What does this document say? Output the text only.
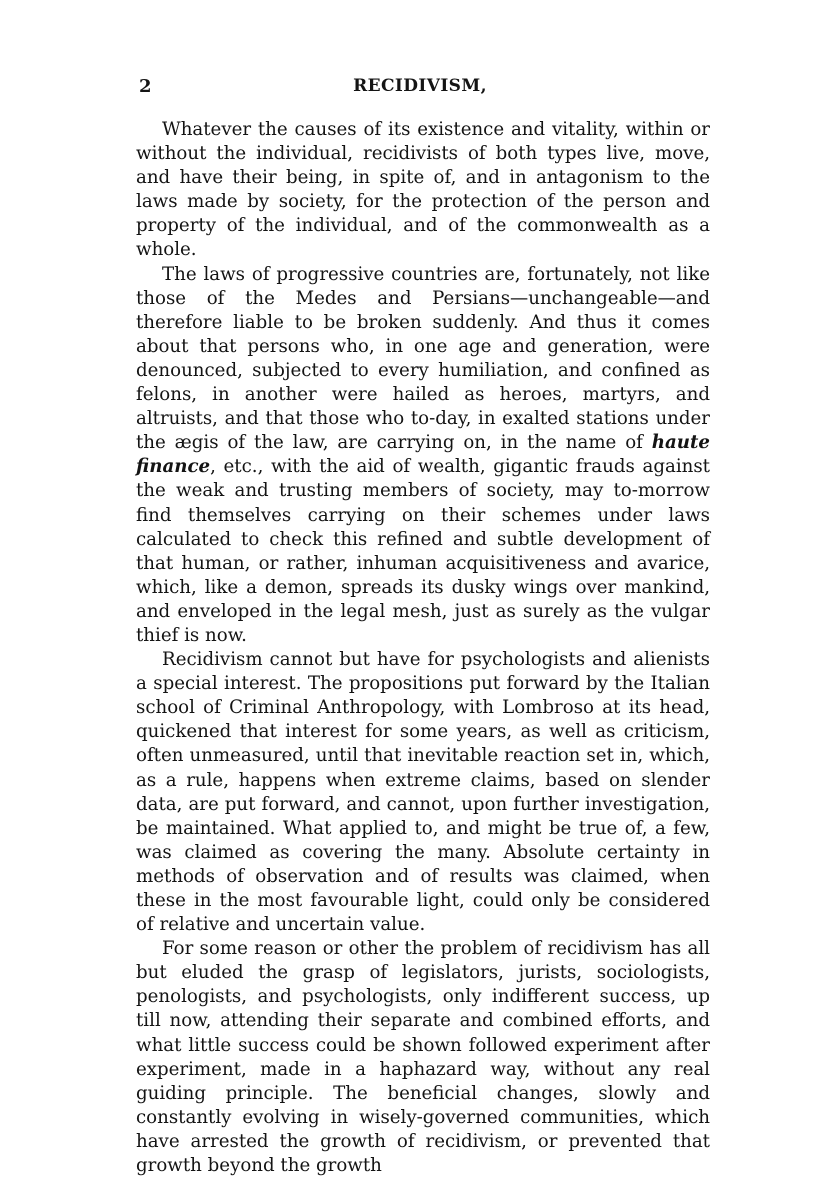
2	RECIDIVISM,

Whatever the causes of its existence and vitality, within or without the individual, recidivists of both types live, move, and have their being, in spite of, and in antagonism to the laws made by society, for the protection of the person and property of the individual, and of the commonwealth as a whole.

The laws of progressive countries are, fortunately, not like those of the Medes and Persians—unchangeable—and therefore liable to be broken suddenly. And thus it comes about that persons who, in one age and generation, were denounced, subjected to every humiliation, and confined as felons, in another were hailed as heroes, martyrs, and altruists, and that those who to-day, in exalted stations under the ægis of the law, are carrying on, in the name of haute finance, etc., with the aid of wealth, gigantic frauds against the weak and trusting members of society, may to-morrow find themselves carrying on their schemes under laws calculated to check this refined and subtle development of that human, or rather, inhuman acquisitiveness and avarice, which, like a demon, spreads its dusky wings over mankind, and enveloped in the legal mesh, just as surely as the vulgar thief is now.

Recidivism cannot but have for psychologists and alienists a special interest. The propositions put forward by the Italian school of Criminal Anthropology, with Lombroso at its head, quickened that interest for some years, as well as criticism, often unmeasured, until that inevitable reaction set in, which, as a rule, happens when extreme claims, based on slender data, are put forward, and cannot, upon further investigation, be maintained. What applied to, and might be true of, a few, was claimed as covering the many. Absolute certainty in methods of observation and of results was claimed, when these in the most favourable light, could only be considered of relative and uncertain value.

For some reason or other the problem of recidivism has all but eluded the grasp of legislators, jurists, sociologists, penologists, and psychologists, only indifferent success, up till now, attending their separate and combined efforts, and what little success could be shown followed experiment after experiment, made in a haphazard way, without any real guiding principle. The beneficial changes, slowly and constantly evolving in wisely-governed communities, which have arrested the growth of recidivism, or prevented that growth beyond the growth
